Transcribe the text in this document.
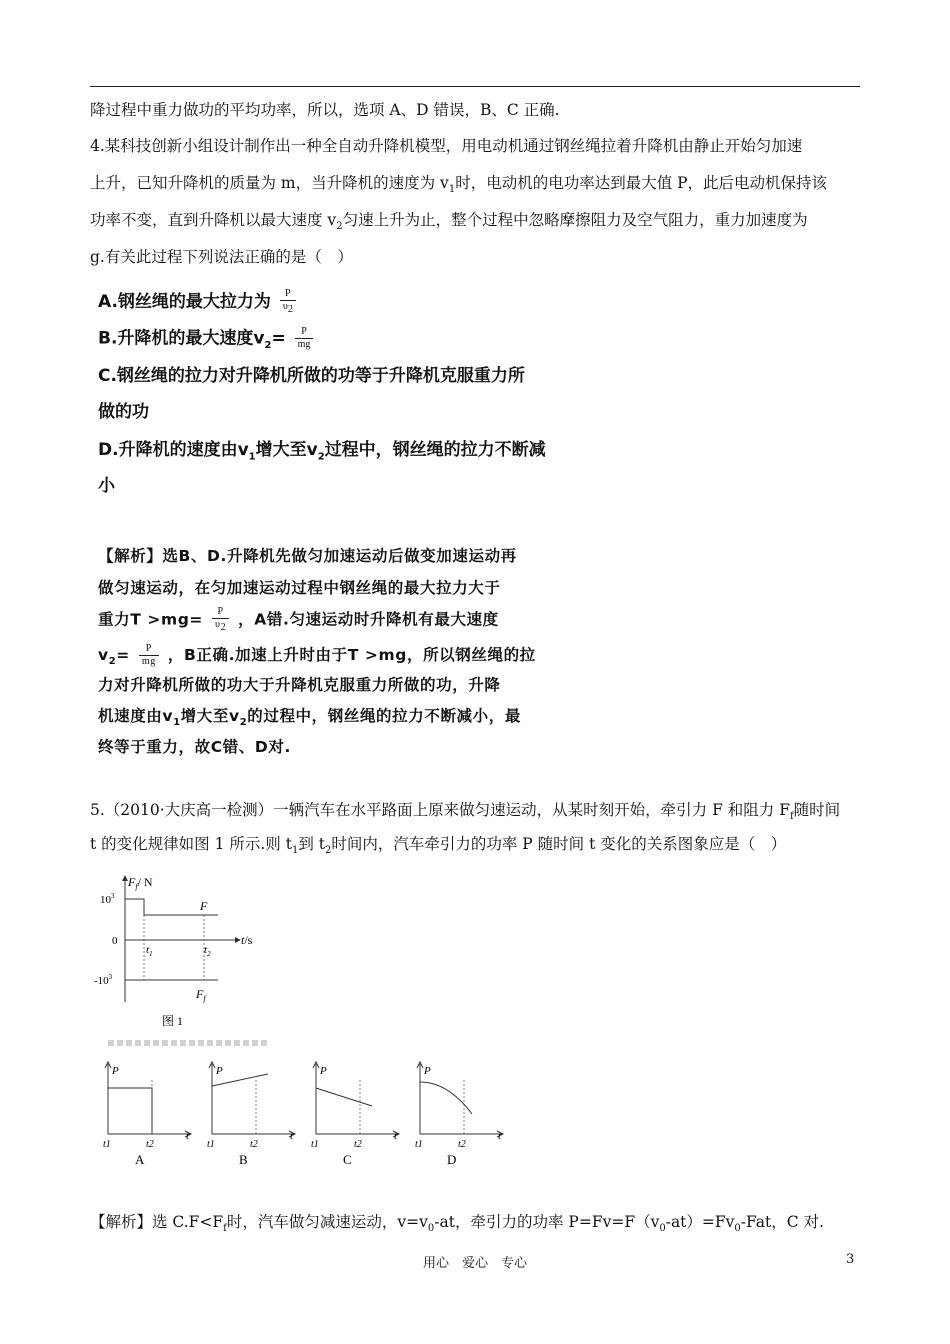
降过程中重力做功的平均功率，所以，选项 A、D 错误，B、C 正确.
4.某科技创新小组设计制作出一种全自动升降机模型，用电动机通过钢丝绳拉着升降机由静止开始匀加速
上升，已知升降机的质量为 m，当升降机的速度为 $v_1$时，电动机的电功率达到最大值 P，此后电动机保持该
功率不变，直到升降机以最大速度 $v_2$匀速上升为止，整个过程中忽略摩擦阻力及空气阻力，重力加速度为
g.有关此过程下列说法正确的是（　）
A.钢丝绳的最大拉力为 $\frac{P}{\upsilon_2}$
B.升降机的最大速度$v_2= \frac{P}{mg}$
C.钢丝绳的拉力对升降机所做的功等于升降机克服重力所
做的功
D.升降机的速度由$v_1$增大至$v_2$过程中，钢丝绳的拉力不断减
小
【解析】选B、D.升降机先做匀加速运动后做变加速运动再
做匀速运动，在匀加速运动过程中钢丝绳的最大拉力大于
重力$T >mg= \frac{P}{\upsilon_2}$ ，A错.匀速运动时升降机有最大速度
$v_2= \frac{P}{mg}$ ，B正确.加速上升时由于T >mg，所以钢丝绳的拉
力对升降机所做的功大于升降机克服重力所做的功，升降
机速度由$v_1$增大至$v_2$的过程中，钢丝绳的拉力不断减小，最
终等于重力，故C错、D对.
5.（2010·大庆高一检测）一辆汽车在水平路面上原来做匀速运动，从某时刻开始，牵引力 F 和阻力 $F_f$随时间
t 的变化规律如图 1 所示.则 $t_1$到 $t_2$时间内，汽车牵引力的功率 P 随时间 t 变化的关系图象应是（　）
$F_f/$ N
$10^3$
0
$-10^3$
$t_1$	$t_2$
t/s
F
$F_f$
图 1
P
t
t1	t2
A
P
t
t1	t2
B
P
t
t1	t2
C
P
t
t1	t2
D
【解析】选 $C.F<F_f$时，汽车做匀减速运动，$v=v_0-at$，牵引力的功率 $P=Fv=F(v_0-at)=Fv_0$-Fat，C 对.
用心　爱心　专心	3
